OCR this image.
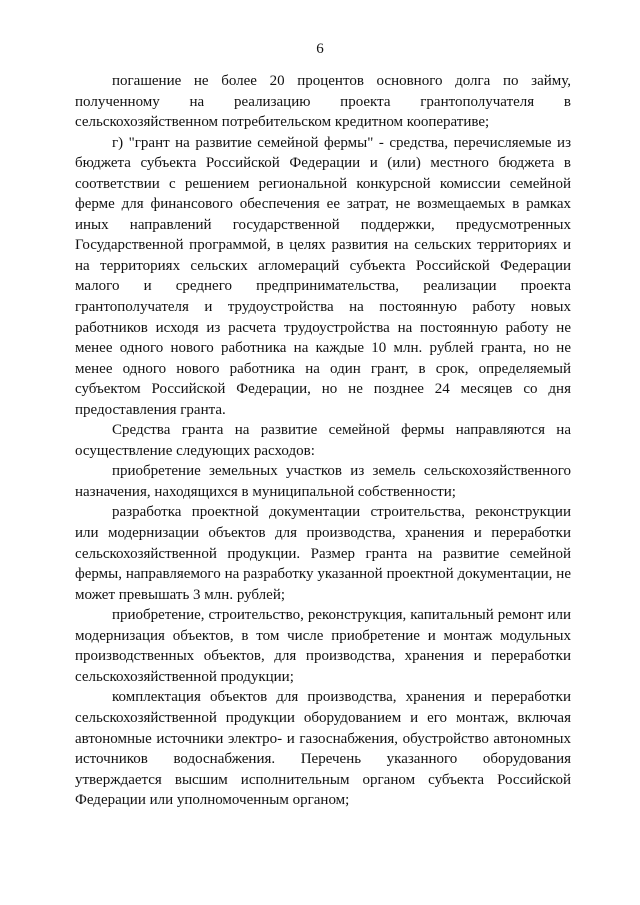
6

погашение не более 20 процентов основного долга по займу, полученному на реализацию проекта грантополучателя в сельскохозяйственном потребительском кредитном кооперативе;

г) "грант на развитие семейной фермы" - средства, перечисляемые из бюджета субъекта Российской Федерации и (или) местного бюджета в соответствии с решением региональной конкурсной комиссии семейной ферме для финансового обеспечения ее затрат, не возмещаемых в рамках иных направлений государственной поддержки, предусмотренных Государственной программой, в целях развития на сельских территориях и на территориях сельских агломераций субъекта Российской Федерации малого и среднего предпринимательства, реализации проекта грантополучателя и трудоустройства на постоянную работу новых работников исходя из расчета трудоустройства на постоянную работу не менее одного нового работника на каждые 10 млн. рублей гранта, но не менее одного нового работника на один грант, в срок, определяемый субъектом Российской Федерации, но не позднее 24 месяцев со дня предоставления гранта.

Средства гранта на развитие семейной фермы направляются на осуществление следующих расходов:

приобретение земельных участков из земель сельскохозяйственного назначения, находящихся в муниципальной собственности;

разработка проектной документации строительства, реконструкции или модернизации объектов для производства, хранения и переработки сельскохозяйственной продукции. Размер гранта на развитие семейной фермы, направляемого на разработку указанной проектной документации, не может превышать 3 млн. рублей;

приобретение, строительство, реконструкция, капитальный ремонт или модернизация объектов, в том числе приобретение и монтаж модульных производственных объектов, для производства, хранения и переработки сельскохозяйственной продукции;

комплектация объектов для производства, хранения и переработки сельскохозяйственной продукции оборудованием и его монтаж, включая автономные источники электро- и газоснабжения, обустройство автономных источников водоснабжения. Перечень указанного оборудования утверждается высшим исполнительным органом субъекта Российской Федерации или уполномоченным органом;
